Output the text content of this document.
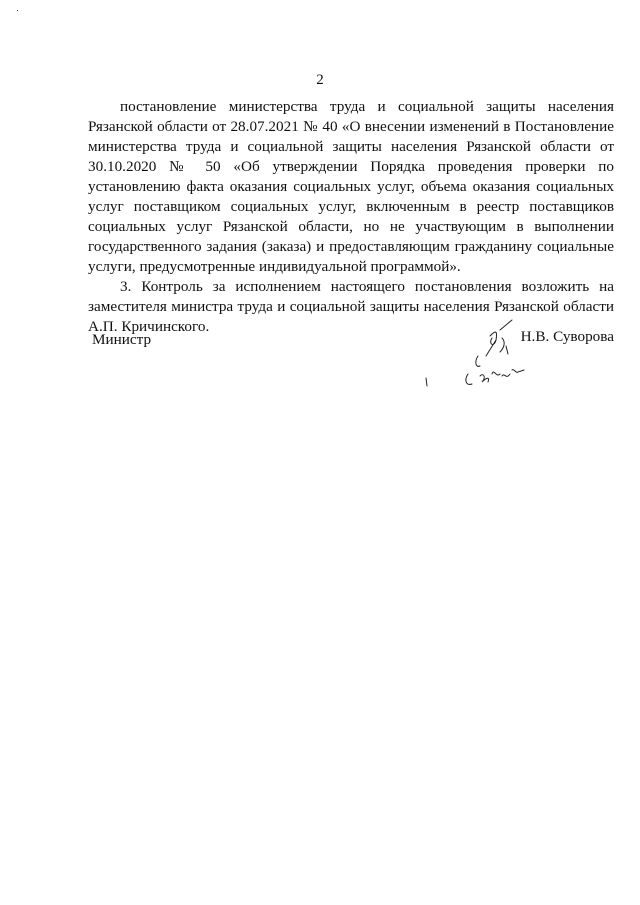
2

постановление министерства труда и социальной защиты населения Рязанской области от 28.07.2021 № 40 «О внесении изменений в Постановление министерства труда и социальной защиты населения Рязанской области от 30.10.2020 № 50 «Об утверждении Порядка проведения проверки по установлению факта оказания социальных услуг, объема оказания социальных услуг поставщиком социальных услуг, включенным в реестр поставщиков социальных услуг Рязанской области, но не участвующим в выполнении государственного задания (заказа) и предоставляющим гражданину социальные услуги, предусмотренные индивидуальной программой».

3. Контроль за исполнением настоящего постановления возложить на заместителя министра труда и социальной защиты населения Рязанской области А.П. Кричинского.

Министр	Н.В. Суворова
